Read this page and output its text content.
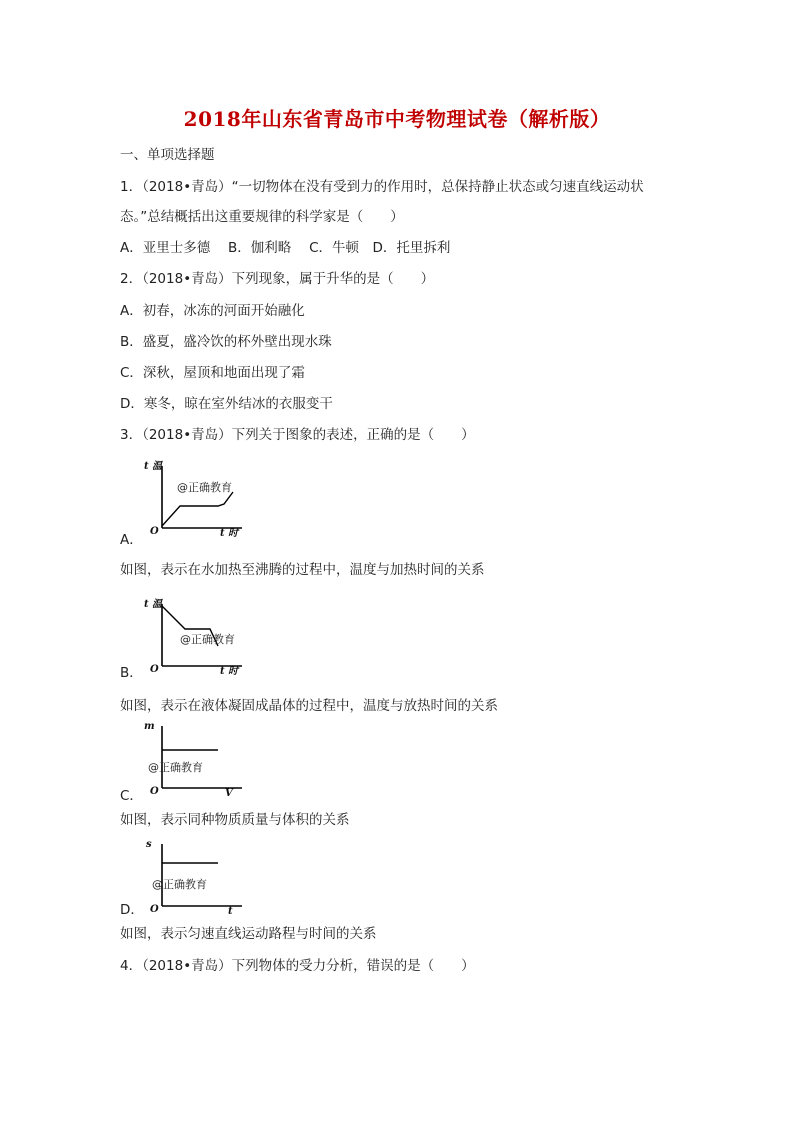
2018年山东省青岛市中考物理试卷（解析版）
一、单项选择题
1．（2018•青岛）“一切物体在没有受到力的作用时，总保持静止状态或匀速直线运动状
态。”总结概括出这重要规律的科学家是（　　）
A．亚里士多德　 B．伽利略　 C．牛顿　D．托里拆利
2．（2018•青岛）下列现象，属于升华的是（　　）
A．初春，冰冻的河面开始融化
B．盛夏，盛冷饮的杯外壁出现水珠
C．深秋，屋顶和地面出现了霜
D．寒冬，晾在室外结冰的衣服变干
3．（2018•青岛）下列关于图象的表述，正确的是（　　）
t 温
t 时
O
@正确教育
A．
如图，表示在水加热至沸腾的过程中，温度与加热时间的关系
t 温
t 时
O
@正确教育
B．
如图，表示在液体凝固成晶体的过程中，温度与放热时间的关系
m
V
O
@正确教育
C．
如图，表示同种物质质量与体积的关系
s
t
O
@正确教育
D．
如图，表示匀速直线运动路程与时间的关系
4．（2018•青岛）下列物体的受力分析，错误的是（　　）
